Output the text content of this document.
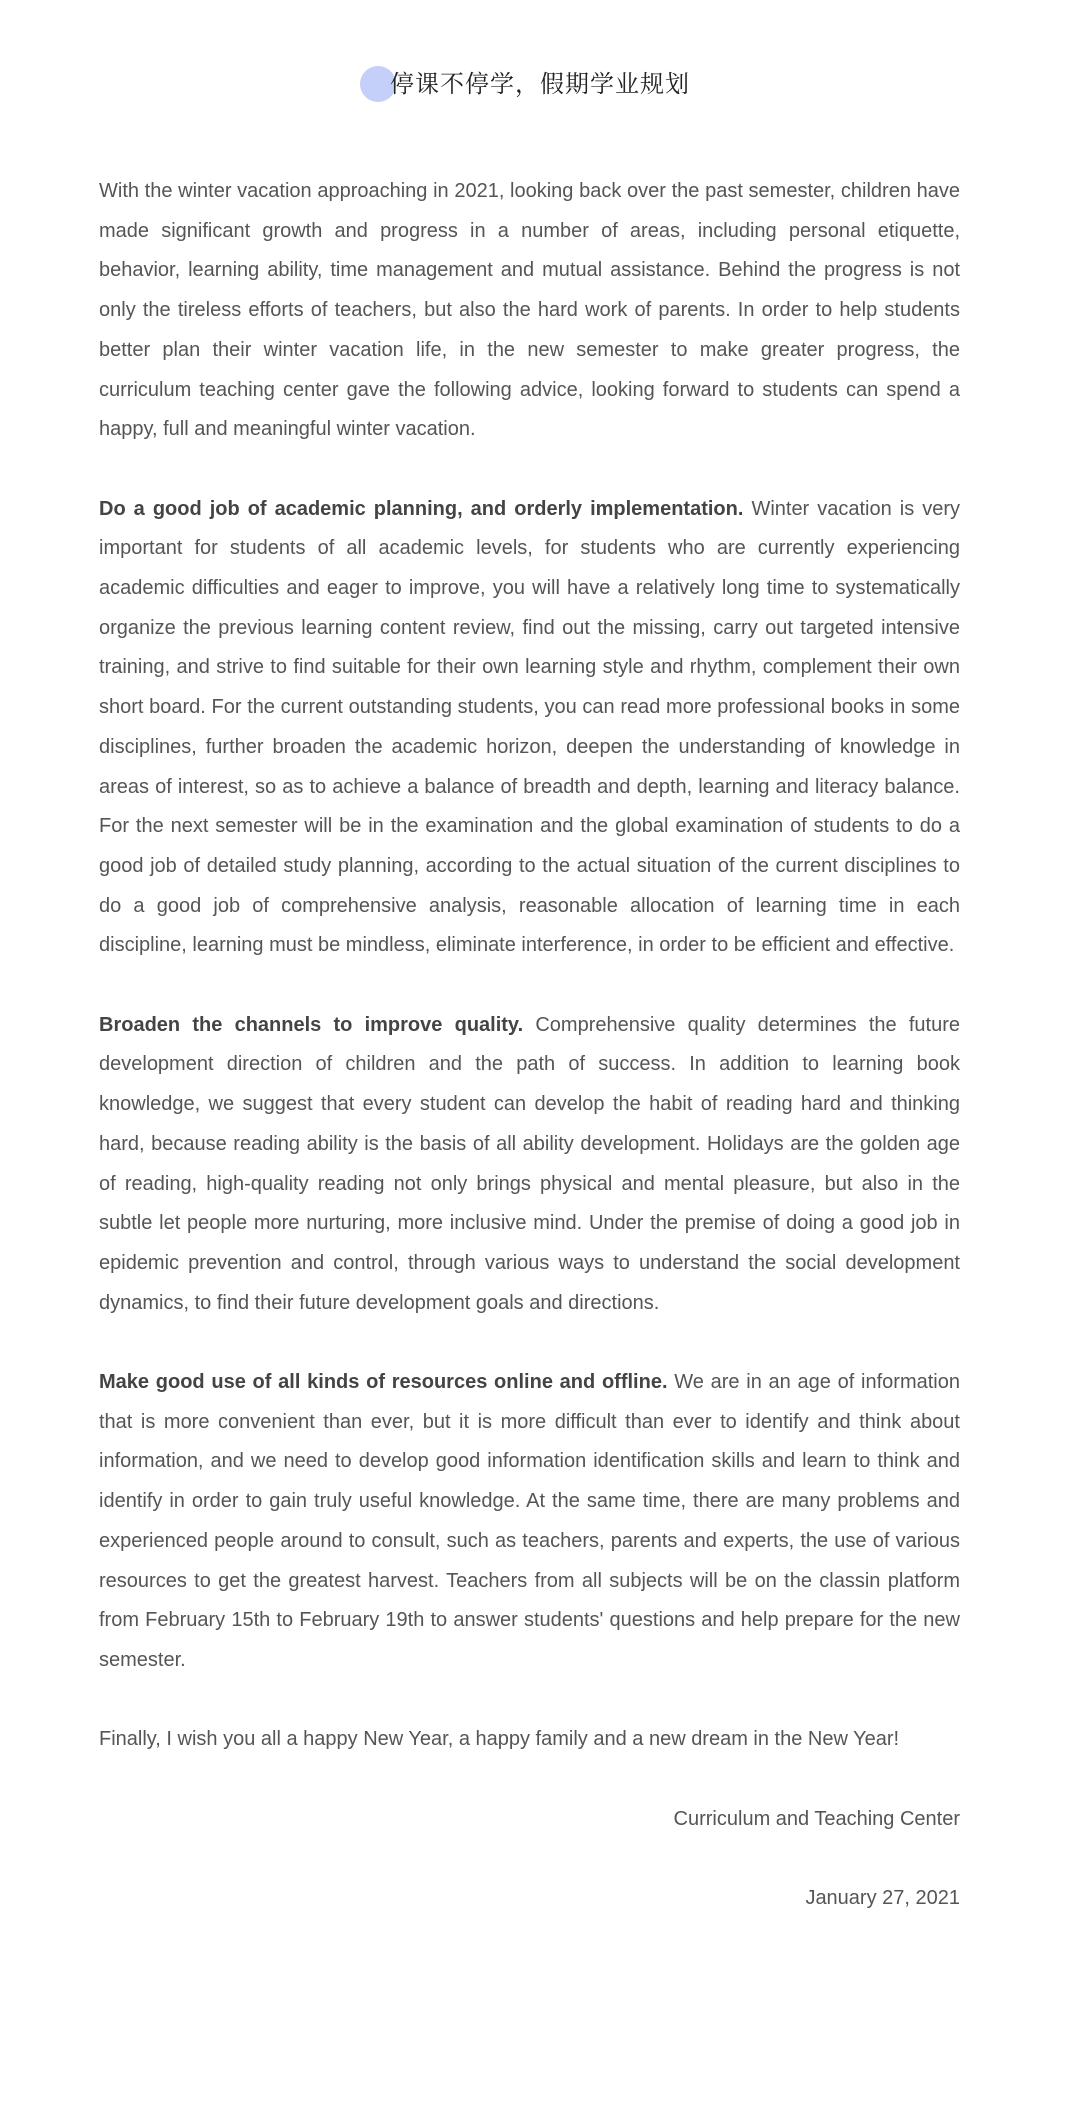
停课不停学，假期学业规划

With the winter vacation approaching in 2021, looking back over the past semester, children have made significant growth and progress in a number of areas, including personal etiquette, behavior, learning ability, time management and mutual assistance. Behind the progress is not only the tireless efforts of teachers, but also the hard work of parents. In order to help students better plan their winter vacation life, in the new semester to make greater progress, the curriculum teaching center gave the following advice, looking forward to students can spend a happy, full and meaningful winter vacation.

Do a good job of academic planning, and orderly implementation. Winter vacation is very important for students of all academic levels, for students who are currently experiencing academic difficulties and eager to improve, you will have a relatively long time to systematically organize the previous learning content review, find out the missing, carry out targeted intensive training, and strive to find suitable for their own learning style and rhythm, complement their own short board. For the current outstanding students, you can read more professional books in some disciplines, further broaden the academic horizon, deepen the understanding of knowledge in areas of interest, so as to achieve a balance of breadth and depth, learning and literacy balance. For the next semester will be in the examination and the global examination of students to do a good job of detailed study planning, according to the actual situation of the current disciplines to do a good job of comprehensive analysis, reasonable allocation of learning time in each discipline, learning must be mindless, eliminate interference, in order to be efficient and effective.

Broaden the channels to improve quality. Comprehensive quality determines the future development direction of children and the path of success. In addition to learning book knowledge, we suggest that every student can develop the habit of reading hard and thinking hard, because reading ability is the basis of all ability development. Holidays are the golden age of reading, high-quality reading not only brings physical and mental pleasure, but also in the subtle let people more nurturing, more inclusive mind. Under the premise of doing a good job in epidemic prevention and control, through various ways to understand the social development dynamics, to find their future development goals and directions.

Make good use of all kinds of resources online and offline. We are in an age of information that is more convenient than ever, but it is more difficult than ever to identify and think about information, and we need to develop good information identification skills and learn to think and identify in order to gain truly useful knowledge. At the same time, there are many problems and experienced people around to consult, such as teachers, parents and experts, the use of various resources to get the greatest harvest. Teachers from all subjects will be on the classin platform from February 15th to February 19th to answer students' questions and help prepare for the new semester.

Finally, I wish you all a happy New Year, a happy family and a new dream in the New Year!

Curriculum and Teaching Center

January 27, 2021
